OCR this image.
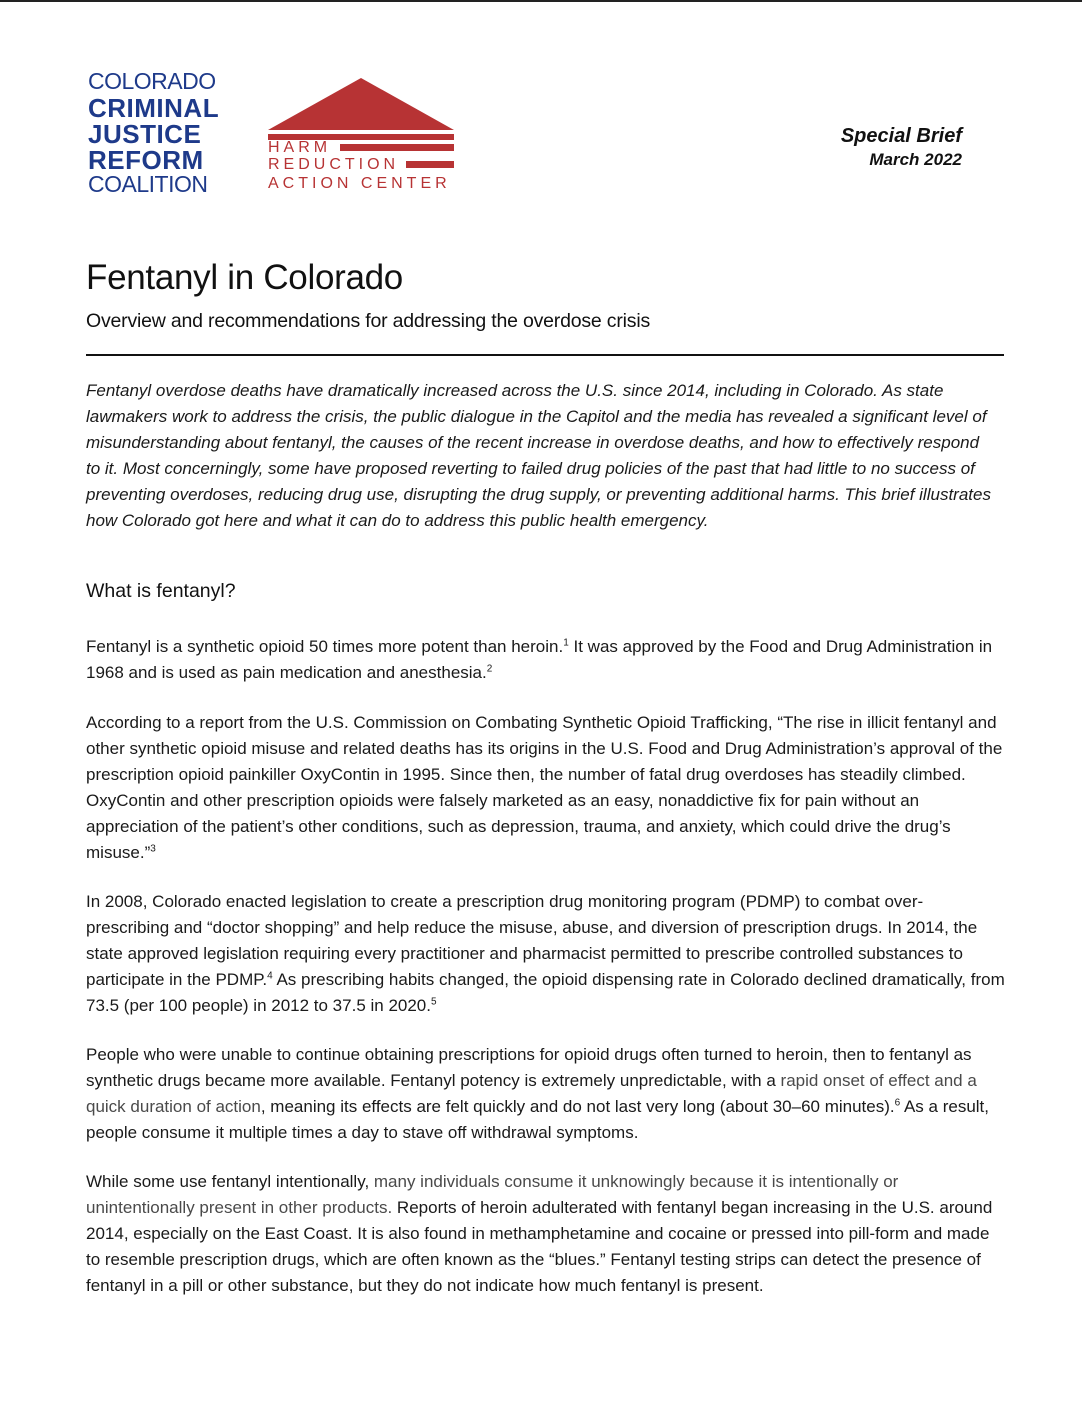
COLORADO
CRIMINAL
JUSTICE
REFORM
COALITION
HARM
REDUCTION
ACTION CENTER
Special Brief
March 2022
Fentanyl in Colorado
Overview and recommendations for addressing the overdose crisis

Fentanyl overdose deaths have dramatically increased across the U.S. since 2014, including in Colorado. As state lawmakers work to address the crisis, the public dialogue in the Capitol and the media has revealed a significant level of misunderstanding about fentanyl, the causes of the recent increase in overdose deaths, and how to effectively respond to it. Most concerningly, some have proposed reverting to failed drug policies of the past that had little to no success of preventing overdoses, reducing drug use, disrupting the drug supply, or preventing additional harms. This brief illustrates how Colorado got here and what it can do to address this public health emergency.

What is fentanyl?

Fentanyl is a synthetic opioid 50 times more potent than heroin.$^1$ It was approved by the Food and Drug Administration in 1968 and is used as pain medication and anesthesia.$^2$

According to a report from the U.S. Commission on Combating Synthetic Opioid Trafficking, “The rise in illicit fentanyl and other synthetic opioid misuse and related deaths has its origins in the U.S. Food and Drug Administration’s approval of the prescription opioid painkiller OxyContin in 1995. Since then, the number of fatal drug overdoses has steadily climbed. OxyContin and other prescription opioids were falsely marketed as an easy, nonaddictive fix for pain without an appreciation of the patient’s other conditions, such as depression, trauma, and anxiety, which could drive the drug’s misuse.”$^3$

In 2008, Colorado enacted legislation to create a prescription drug monitoring program (PDMP) to combat over-prescribing and “doctor shopping” and help reduce the misuse, abuse, and diversion of prescription drugs. In 2014, the state approved legislation requiring every practitioner and pharmacist permitted to prescribe controlled substances to participate in the PDMP.$^4$ As prescribing habits changed, the opioid dispensing rate in Colorado declined dramatically, from 73.5 (per 100 people) in 2012 to 37.5 in 2020.$^5$

People who were unable to continue obtaining prescriptions for opioid drugs often turned to heroin, then to fentanyl as synthetic drugs became more available. Fentanyl potency is extremely unpredictable, with a rapid onset of effect and a quick duration of action, meaning its effects are felt quickly and do not last very long (about 30–60 minutes).$^6$ As a result, people consume it multiple times a day to stave off withdrawal symptoms.

While some use fentanyl intentionally, many individuals consume it unknowingly because it is intentionally or unintentionally present in other products. Reports of heroin adulterated with fentanyl began increasing in the U.S. around 2014, especially on the East Coast. It is also found in methamphetamine and cocaine or pressed into pill-form and made to resemble prescription drugs, which are often known as the “blues.” Fentanyl testing strips can detect the presence of fentanyl in a pill or other substance, but they do not indicate how much fentanyl is present.
